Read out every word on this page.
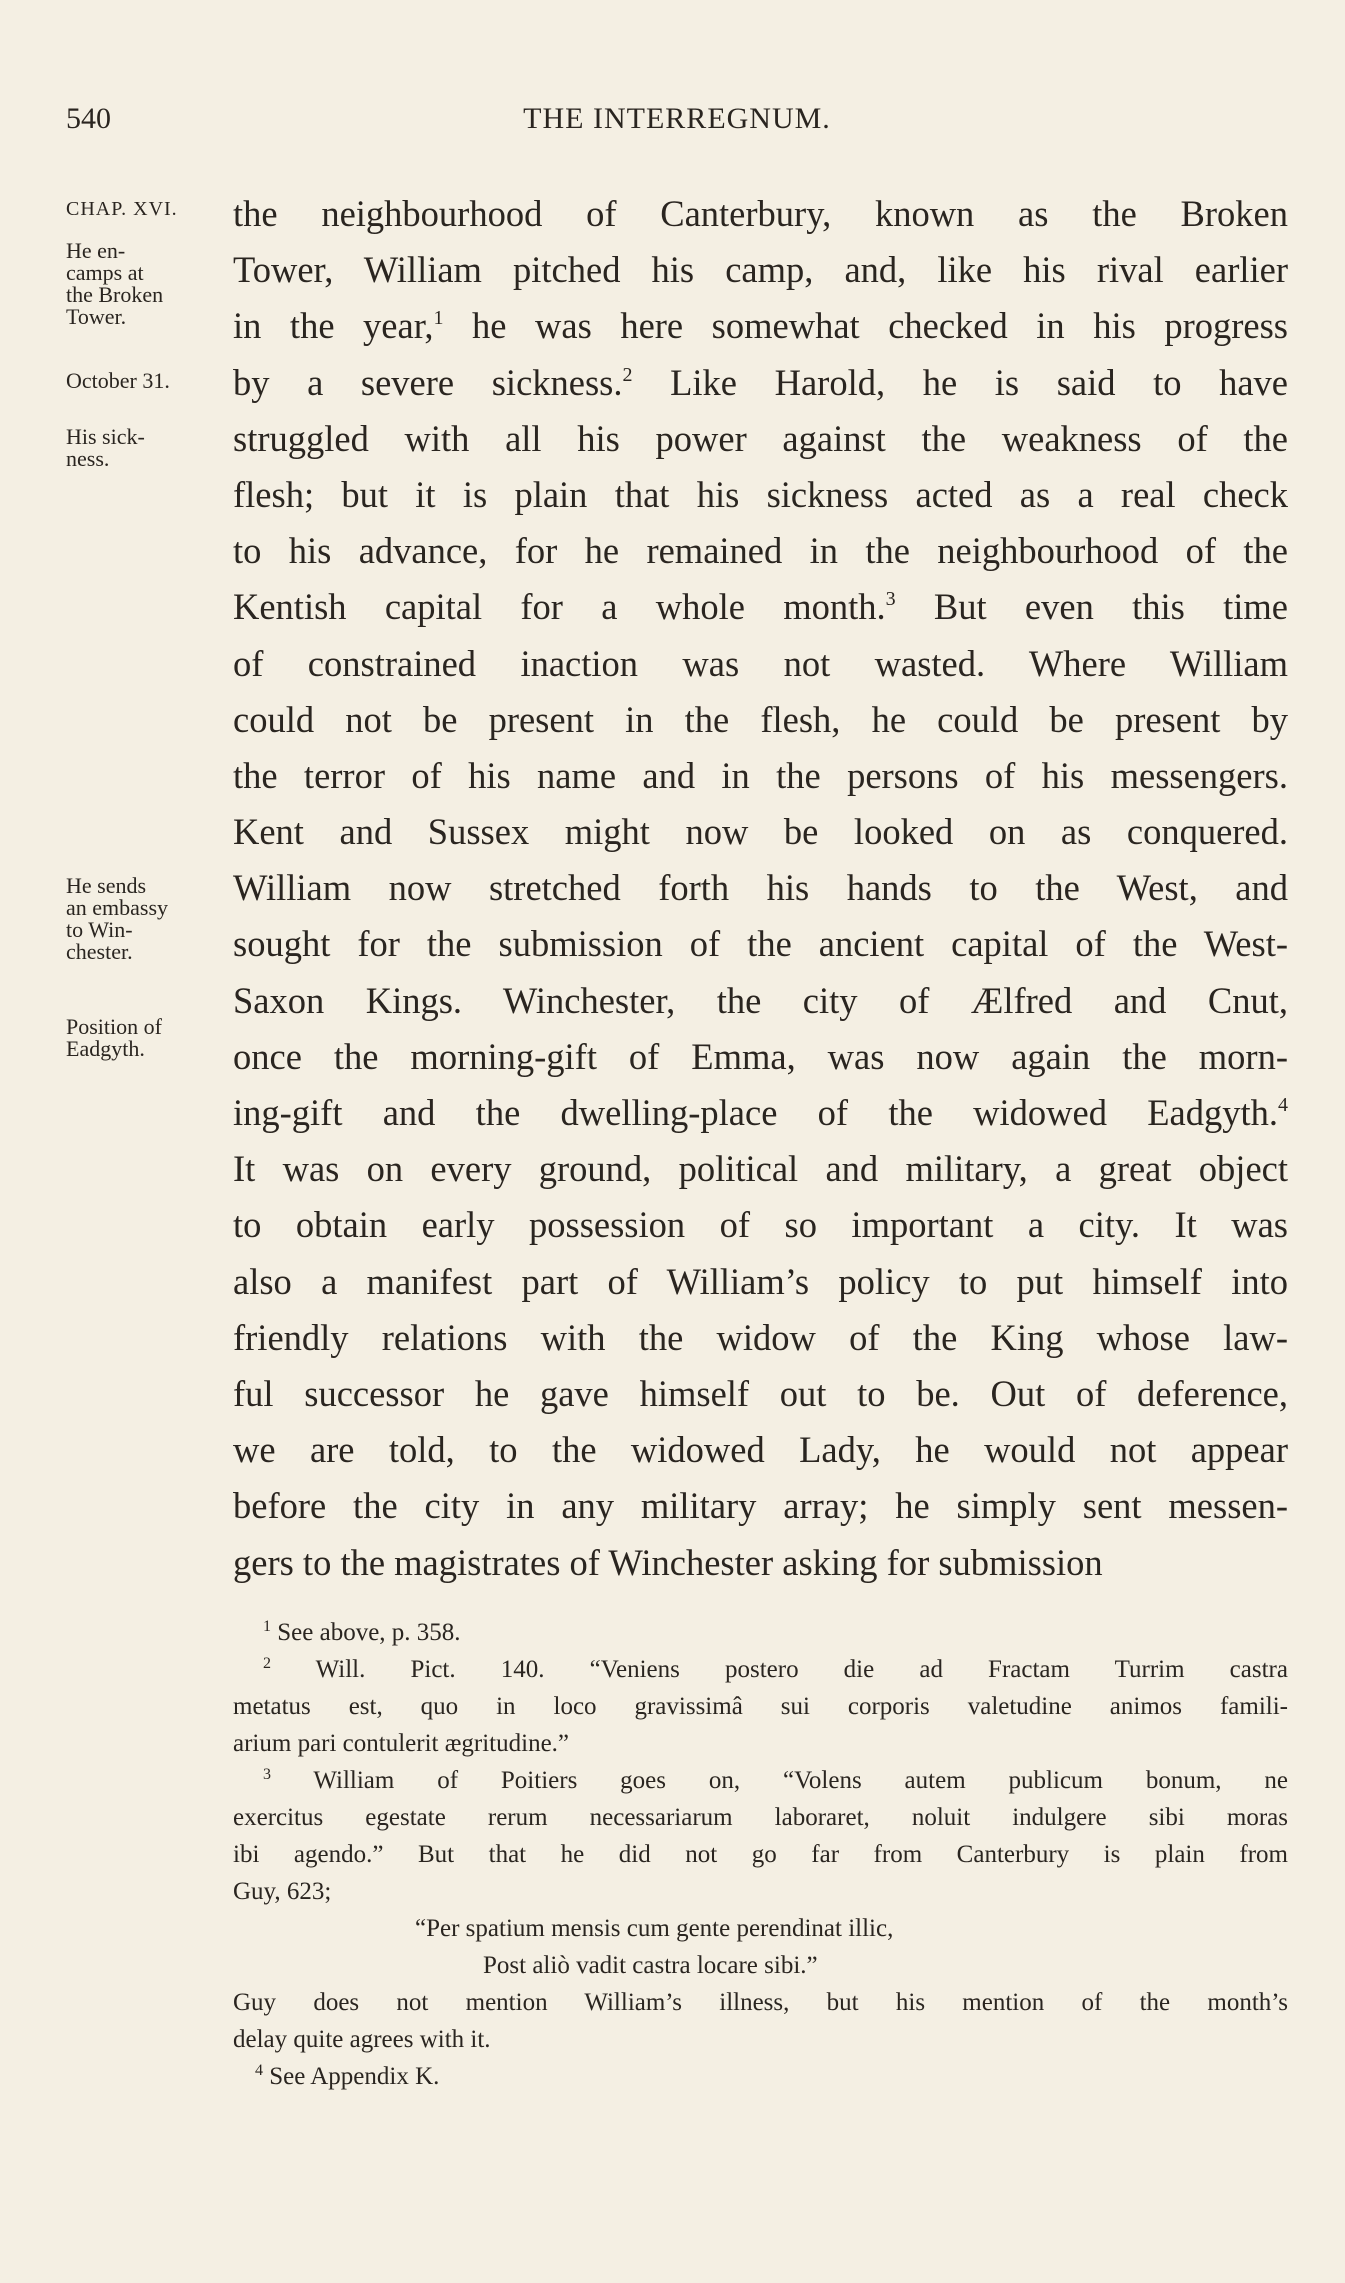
540	THE INTERREGNUM.
CHAP. XVI.
He en-
camps at
the Broken
Tower.
October 31.
His sick-
ness.
He sends
an embassy
to Win-
chester.
Position of
Eadgyth.
the neighbourhood of Canterbury, known as the Broken
Tower, William pitched his camp, and, like his rival earlier
in the year,$^1$ he was here somewhat checked in his progress
by a severe sickness.$^2$ Like Harold, he is said to have
struggled with all his power against the weakness of the
flesh; but it is plain that his sickness acted as a real check
to his advance, for he remained in the neighbourhood of the
Kentish capital for a whole month.$^3$ But even this time
of constrained inaction was not wasted. Where William
could not be present in the flesh, he could be present by
the terror of his name and in the persons of his messengers.
Kent and Sussex might now be looked on as conquered.
William now stretched forth his hands to the West, and
sought for the submission of the ancient capital of the West-
Saxon Kings. Winchester, the city of Ælfred and Cnut,
once the morning-gift of Emma, was now again the morn-
ing-gift and the dwelling-place of the widowed Eadgyth.$^4$
It was on every ground, political and military, a great object
to obtain early possession of so important a city. It was
also a manifest part of William’s policy to put himself into
friendly relations with the widow of the King whose law-
ful successor he gave himself out to be. Out of deference,
we are told, to the widowed Lady, he would not appear
before the city in any military array; he simply sent messen-
gers to the magistrates of Winchester asking for submission
$^1$ See above, p. 358.
$^2$ Will. Pict. 140. “Veniens postero die ad Fractam Turrim castra
metatus est, quo in loco gravissimâ sui corporis valetudine animos famili-
arium pari contulerit ægritudine.”
$^3$ William of Poitiers goes on, “Volens autem publicum bonum, ne
exercitus egestate rerum necessariarum laboraret, noluit indulgere sibi moras
ibi agendo.” But that he did not go far from Canterbury is plain from
Guy, 623;
“Per spatium mensis cum gente perendinat illic,
Post aliò vadit castra locare sibi.”
Guy does not mention William’s illness, but his mention of the month’s
delay quite agrees with it.
$^4$ See Appendix K.
